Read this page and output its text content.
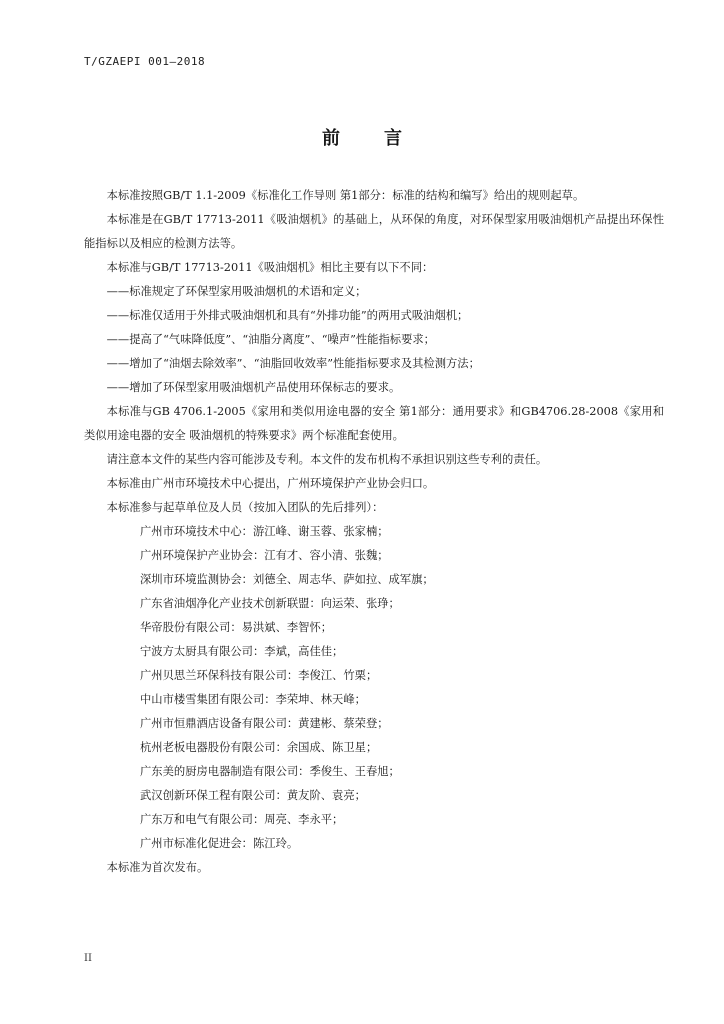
T/GZAEPI 001—2018
前言

本标准按照GB/T 1.1-2009《标准化工作导则 第1部分：标准的结构和编写》给出的规则起草。

本标准是在GB/T 17713-2011《吸油烟机》的基础上，从环保的角度，对环保型家用吸油烟机产品提出环保性能指标以及相应的检测方法等。

本标准与GB/T 17713-2011《吸油烟机》相比主要有以下不同：

——标准规定了环保型家用吸油烟机的术语和定义；

——标准仅适用于外排式吸油烟机和具有“外排功能”的两用式吸油烟机；

——提高了“气味降低度”、“油脂分离度”、“噪声”性能指标要求；

——增加了“油烟去除效率”、“油脂回收效率”性能指标要求及其检测方法；

——增加了环保型家用吸油烟机产品使用环保标志的要求。

本标准与GB 4706.1-2005《家用和类似用途电器的安全 第1部分：通用要求》和GB4706.28-2008《家用和类似用途电器的安全 吸油烟机的特殊要求》两个标准配套使用。

请注意本文件的某些内容可能涉及专利。本文件的发布机构不承担识别这些专利的责任。

本标准由广州市环境技术中心提出，广州环境保护产业协会归口。

本标准参与起草单位及人员（按加入团队的先后排列）：

广州市环境技术中心：游江峰、谢玉蓉、张家楠；

广州环境保护产业协会：江有才、容小清、张魏；

深圳市环境监测协会：刘德全、周志华、萨如拉、成军旗；

广东省油烟净化产业技术创新联盟：向运荣、张琤；

华帝股份有限公司：易洪斌、李智怀；

宁波方太厨具有限公司：李斌，高佳佳；

广州贝思兰环保科技有限公司：李俊江、竹栗；

中山市楼雪集团有限公司：李荣坤、林天峰；

广州市恒鼎酒店设备有限公司：黄建彬、蔡荣登；

杭州老板电器股份有限公司：余国成、陈卫星；

广东美的厨房电器制造有限公司：季俊生、王春旭；

武汉创新环保工程有限公司：黄友阶、袁亮；

广东万和电气有限公司：周亮、李永平；

广州市标准化促进会：陈江玲。

本标准为首次发布。

II
